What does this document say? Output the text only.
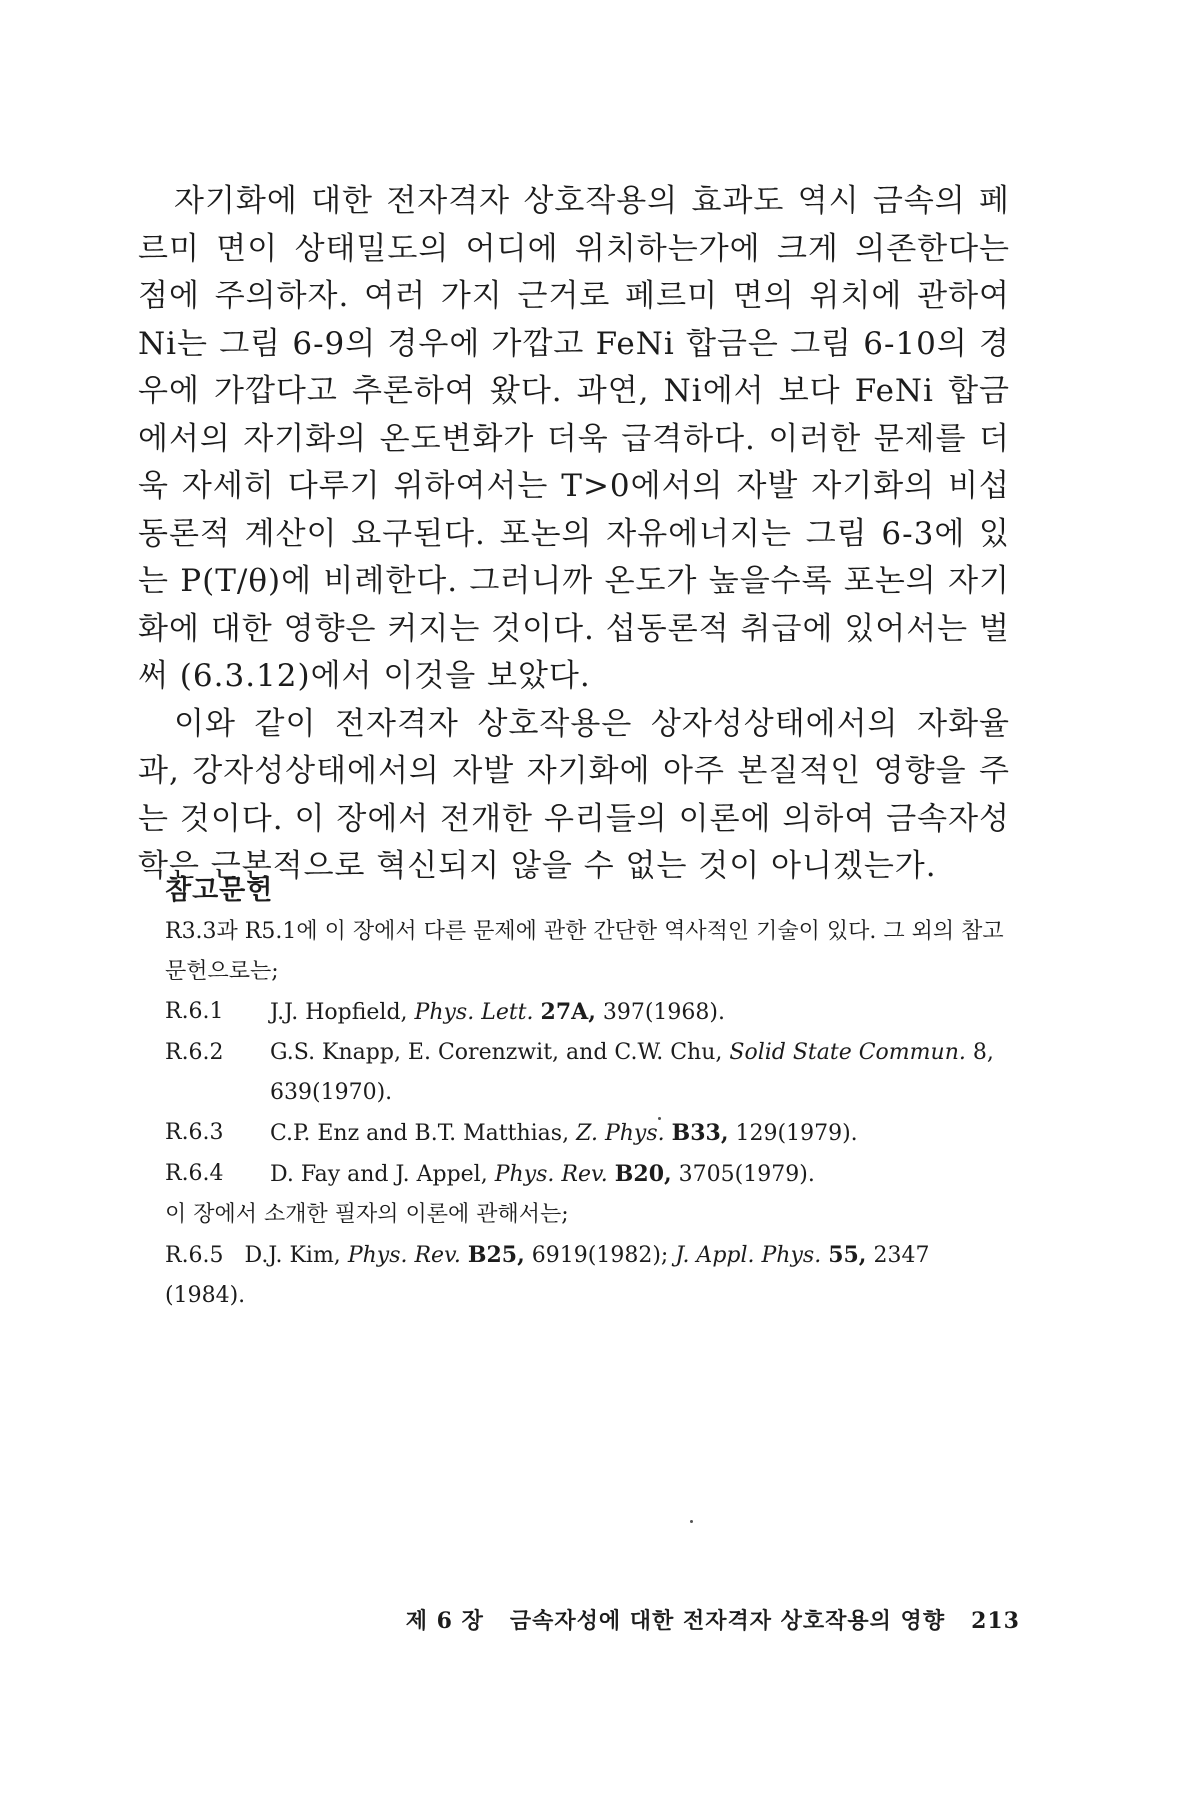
자기화에 대한 전자격자 상호작용의 효과도 역시 금속의 페르미 면이 상태밀도의 어디에 위치하는가에 크게 의존한다는 점에 주의하자. 여러 가지 근거로 페르미 면의 위치에 관하여 Ni는 그림 6-9의 경우에 가깝고 FeNi 합금은 그림 6-10의 경우에 가깝다고 추론하여 왔다. 과연, Ni에서 보다 FeNi 합금에서의 자기화의 온도변화가 더욱 급격하다. 이러한 문제를 더욱 자세히 다루기 위하여서는 T>0에서의 자발 자기화의 비섭동론적 계산이 요구된다. 포논의 자유에너지는 그림 6-3에 있는 P(T/θ)에 비례한다. 그러니까 온도가 높을수록 포논의 자기화에 대한 영향은 커지는 것이다. 섭동론적 취급에 있어서는 벌써 (6.3.12)에서 이것을 보았다.

이와 같이 전자격자 상호작용은 상자성상태에서의 자화율과, 강자성상태에서의 자발 자기화에 아주 본질적인 영향을 주는 것이다. 이 장에서 전개한 우리들의 이론에 의하여 금속자성학은 근본적으로 혁신되지 않을 수 없는 것이 아니겠는가.

참고문헌

R3.3과 R5.1에 이 장에서 다른 문제에 관한 간단한 역사적인 기술이 있다. 그 외의 참고문헌으로는;

R.6.1 J.J. Hopfield, Phys. Lett. 27A, 397(1968).

R.6.2 G.S. Knapp, E. Corenzwit, and C.W. Chu, Solid State Commun. 8, 639(1970).

R.6.3 C.P. Enz and B.T. Matthias, Z. Phys. B33, 129(1979).

R.6.4 D. Fay and J. Appel, Phys. Rev. B20, 3705(1979).

이 장에서 소개한 필자의 이론에 관해서는;

R.6.5 D.J. Kim, Phys. Rev. B25, 6919(1982); J. Appl. Phys. 55, 2347 (1984).

제 6 장 금속자성에 대한 전자격자 상호작용의 영향 213
